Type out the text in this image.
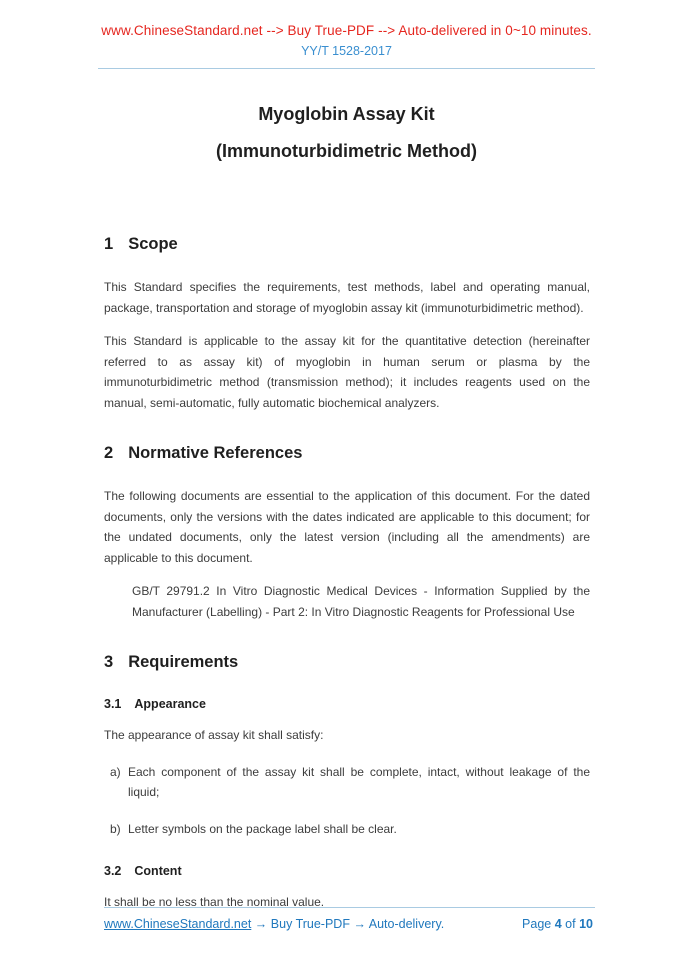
www.ChineseStandard.net --> Buy True-PDF --> Auto-delivered in 0~10 minutes.
YY/T 1528-2017
Myoglobin Assay Kit
(Immunoturbidimetric Method)
1 Scope

This Standard specifies the requirements, test methods, label and operating manual, package, transportation and storage of myoglobin assay kit (immunoturbidimetric method).

This Standard is applicable to the assay kit for the quantitative detection (hereinafter referred to as assay kit) of myoglobin in human serum or plasma by the immunoturbidimetric method (transmission method); it includes reagents used on the manual, semi-automatic, fully automatic biochemical analyzers.

2 Normative References

The following documents are essential to the application of this document. For the dated documents, only the versions with the dates indicated are applicable to this document; for the undated documents, only the latest version (including all the amendments) are applicable to this document.

GB/T 29791.2 In Vitro Diagnostic Medical Devices - Information Supplied by the Manufacturer (Labelling) - Part 2: In Vitro Diagnostic Reagents for Professional Use

3 Requirements
3.1 Appearance

The appearance of assay kit shall satisfy:

a) Each component of the assay kit shall be complete, intact, without leakage of the liquid;
b) Letter symbols on the package label shall be clear.
3.2 Content

It shall be no less than the nominal value.

www.ChineseStandard.net → Buy True-PDF → Auto-delivery.	Page 4 of 10
